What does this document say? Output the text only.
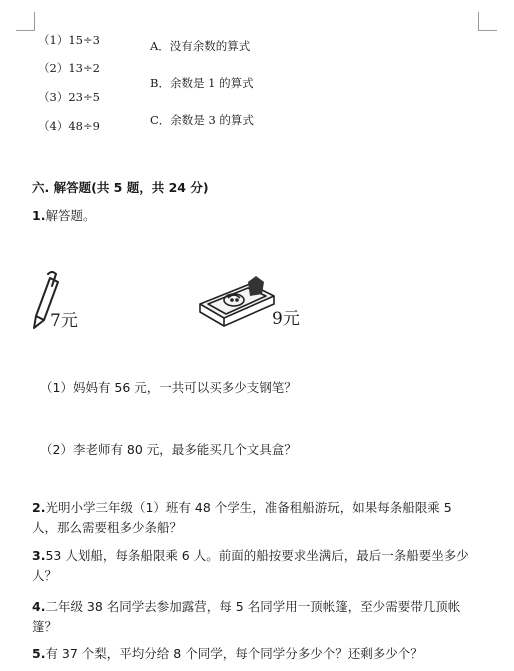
（1）15÷3
（2）13÷2
（3）23÷5
（4）48÷9
A．没有余数的算式
B．余数是 1 的算式
C．余数是 3 的算式
六. 解答题(共 5 题，共 24 分)
1.解答题。
7元	9元
（1）妈妈有 56 元，一共可以买多少支钢笔？
（2）李老师有 80 元，最多能买几个文具盒？
2.光明小学三年级（1）班有 48 个学生，准备租船游玩，如果每条船限乘 5
人，那么需要租多少条船？
3.53 人划船，每条船限乘 6 人。前面的船按要求坐满后，最后一条船要坐多少
人？
4.二年级 38 名同学去参加露营，每 5 名同学用一顶帐篷，至少需要带几顶帐
篷？
5.有 37 个梨，平均分给 8 个同学，每个同学分多少个？还剩多少个？
